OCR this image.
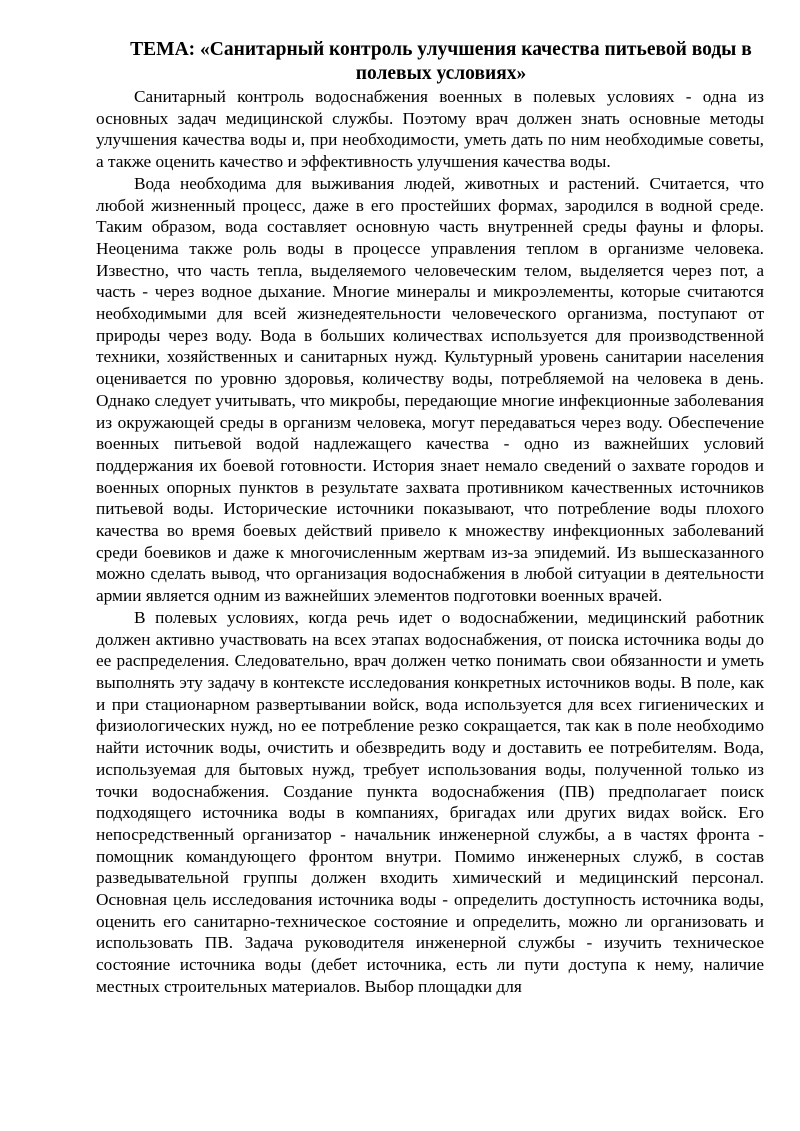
ТЕМА: «Санитарный контроль улучшения качества питьевой воды в полевых условиях»

Санитарный контроль водоснабжения военных в полевых условиях - одна из основных задач медицинской службы. Поэтому врач должен знать основные методы улучшения качества воды и, при необходимости, уметь дать по ним необходимые советы, а также оценить качество и эффективность улучшения качества воды.

Вода необходима для выживания людей, животных и растений. Считается, что любой жизненный процесс, даже в его простейших формах, зародился в водной среде. Таким образом, вода составляет основную часть внутренней среды фауны и флоры. Неоценима также роль воды в процессе управления теплом в организме человека. Известно, что часть тепла, выделяемого человеческим телом, выделяется через пот, а часть - через водное дыхание. Многие минералы и микроэлементы, которые считаются необходимыми для всей жизнедеятельности человеческого организма, поступают от природы через воду. Вода в больших количествах используется для производственной техники, хозяйственных и санитарных нужд. Культурный уровень санитарии населения оценивается по уровню здоровья, количеству воды, потребляемой на человека в день. Однако следует учитывать, что микробы, передающие многие инфекционные заболевания из окружающей среды в организм человека, могут передаваться через воду. Обеспечение военных питьевой водой надлежащего качества - одно из важнейших условий поддержания их боевой готовности. История знает немало сведений о захвате городов и военных опорных пунктов в результате захвата противником качественных источников питьевой воды. Исторические источники показывают, что потребление воды плохого качества во время боевых действий привело к множеству инфекционных заболеваний среди боевиков и даже к многочисленным жертвам из-за эпидемий. Из вышесказанного можно сделать вывод, что организация водоснабжения в любой ситуации в деятельности армии является одним из важнейших элементов подготовки военных врачей.

В полевых условиях, когда речь идет о водоснабжении, медицинский работник должен активно участвовать на всех этапах водоснабжения, от поиска источника воды до ее распределения. Следовательно, врач должен четко понимать свои обязанности и уметь выполнять эту задачу в контексте исследования конкретных источников воды. В поле, как и при стационарном развертывании войск, вода используется для всех гигиенических и физиологических нужд, но ее потребление резко сокращается, так как в поле необходимо найти источник воды, очистить и обезвредить воду и доставить ее потребителям. Вода, используемая для бытовых нужд, требует использования воды, полученной только из точки водоснабжения. Создание пункта водоснабжения (ПВ) предполагает поиск подходящего источника воды в компаниях, бригадах или других видах войск. Его непосредственный организатор - начальник инженерной службы, а в частях фронта - помощник командующего фронтом внутри. Помимо инженерных служб, в состав разведывательной группы должен входить химический и медицинский персонал. Основная цель исследования источника воды - определить доступность источника воды, оценить его санитарно-техническое состояние и определить, можно ли организовать и использовать ПВ. Задача руководителя инженерной службы - изучить техническое состояние источника воды (дебет источника, есть ли пути доступа к нему, наличие местных строительных материалов. Выбор площадки для
